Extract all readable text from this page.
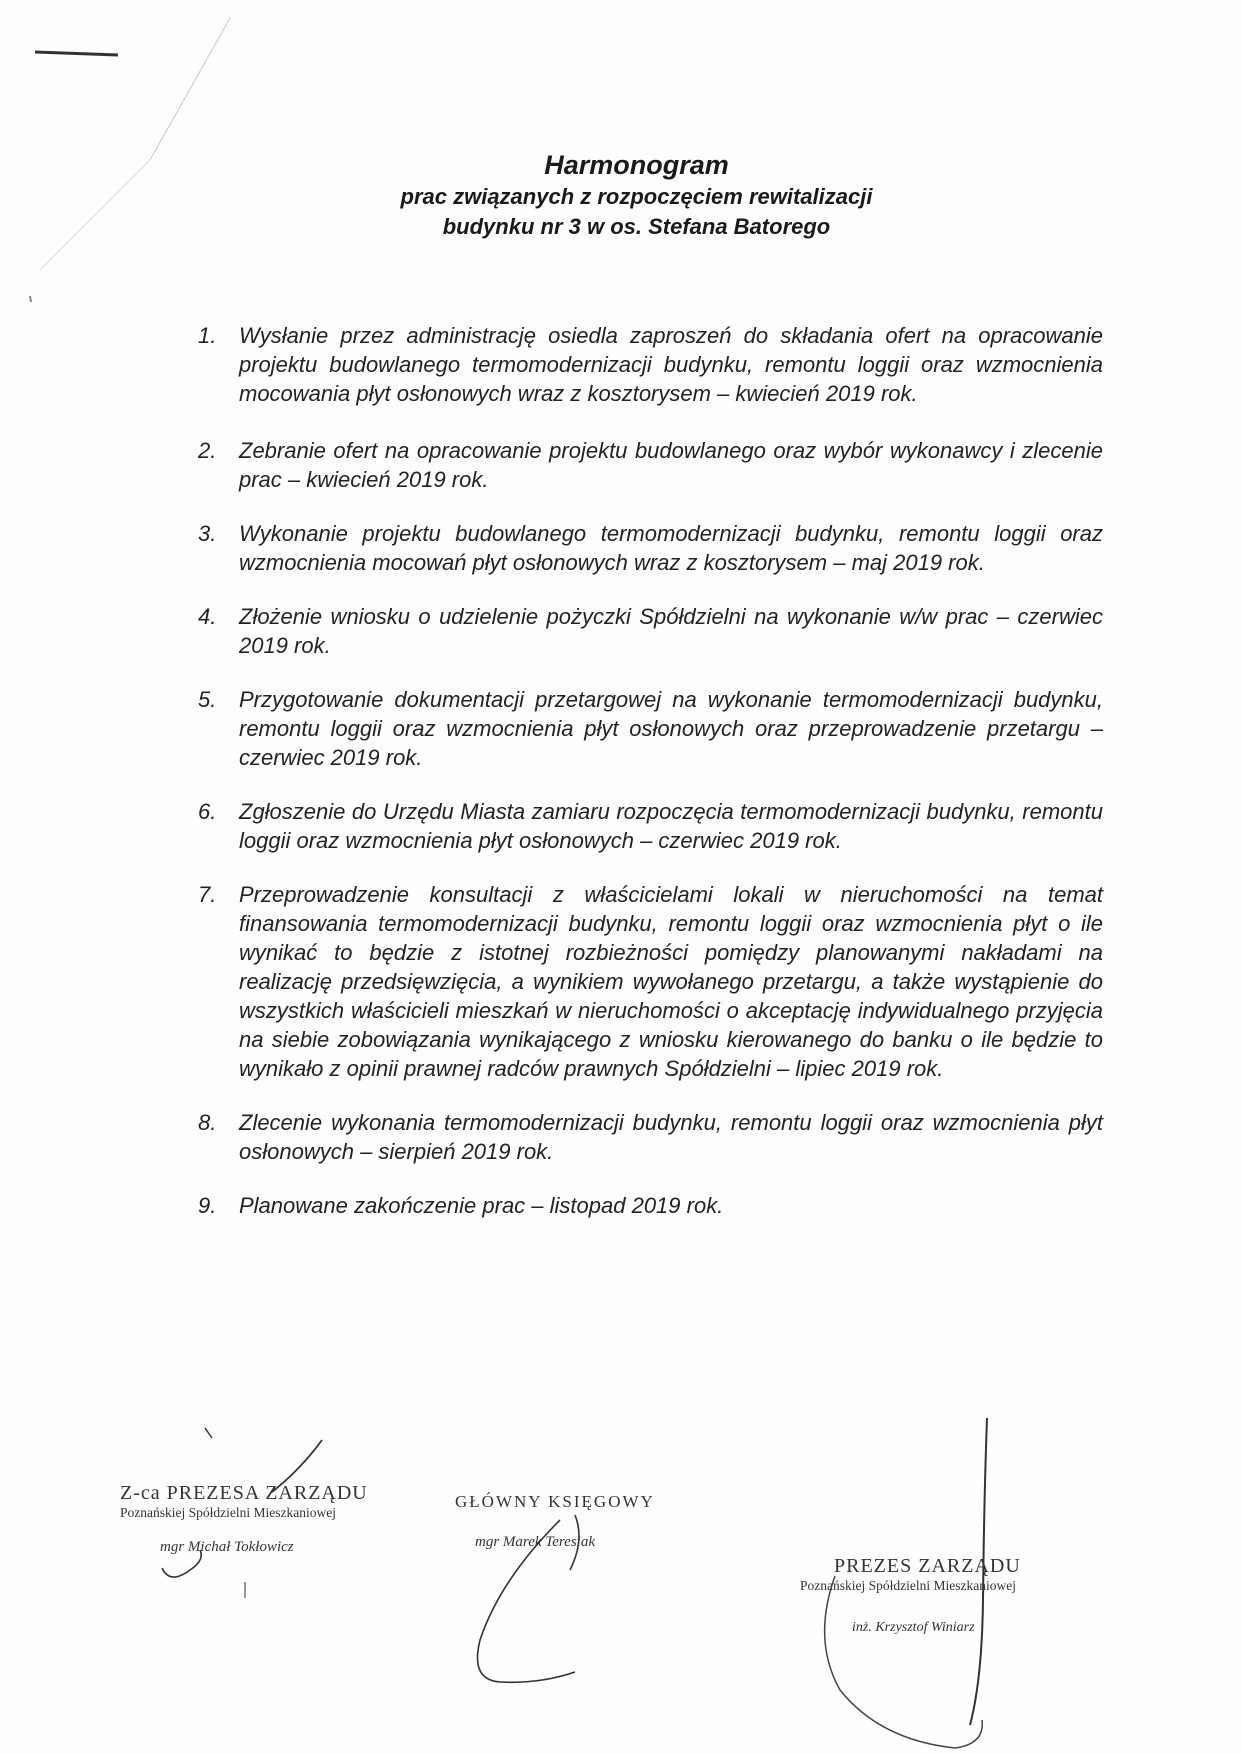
Harmonogram
prac związanych z rozpoczęciem rewitalizacji
budynku nr 3 w os. Stefana Batorego
1.	Wysłanie przez administrację osiedla zaproszeń do składania ofert na opracowanie projektu budowlanego termomodernizacji budynku, remontu loggii oraz wzmocnienia mocowania płyt osłonowych wraz z kosztorysem – kwiecień 2019 rok.
2.	Zebranie ofert na opracowanie projektu budowlanego oraz wybór wykonawcy i zlecenie prac – kwiecień 2019 rok.
3.	Wykonanie projektu budowlanego termomodernizacji budynku, remontu loggii oraz wzmocnienia mocowań płyt osłonowych wraz z kosztorysem – maj 2019 rok.
4.	Złożenie wniosku o udzielenie pożyczki Spółdzielni na wykonanie w/w prac – czerwiec 2019 rok.
5.	Przygotowanie dokumentacji przetargowej na wykonanie termomodernizacji budynku, remontu loggii oraz wzmocnienia płyt osłonowych oraz przeprowadzenie przetargu – czerwiec 2019 rok.
6.	Zgłoszenie do Urzędu Miasta zamiaru rozpoczęcia termomodernizacji budynku, remontu loggii oraz wzmocnienia płyt osłonowych – czerwiec 2019 rok.
7.	Przeprowadzenie konsultacji z właścicielami lokali w nieruchomości na temat finansowania termomodernizacji budynku, remontu loggii oraz wzmocnienia płyt o ile wynikać to będzie z istotnej rozbieżności pomiędzy planowanymi nakładami na realizację przedsięwzięcia, a wynikiem wywołanego przetargu, a także wystąpienie do wszystkich właścicieli mieszkań w nieruchomości o akceptację indywidualnego przyjęcia na siebie zobowiązania wynikającego z wniosku kierowanego do banku o ile będzie to wynikało z opinii prawnej radców prawnych Spółdzielni – lipiec 2019 rok.
8.	Zlecenie wykonania termomodernizacji budynku, remontu loggii oraz wzmocnienia płyt osłonowych – sierpień 2019 rok.
9.	Planowane zakończenie prac – listopad 2019 rok.
Z-ca PREZESA ZARZĄDU
Poznańskiej Spółdzielni Mieszkaniowej
mgr Michał Tokłowicz
GŁÓWNY KSIĘGOWY
mgr Marek Teresiak
PREZES ZARZĄDU
Poznańskiej Spółdzielni Mieszkaniowej
inż. Krzysztof Winiarz
